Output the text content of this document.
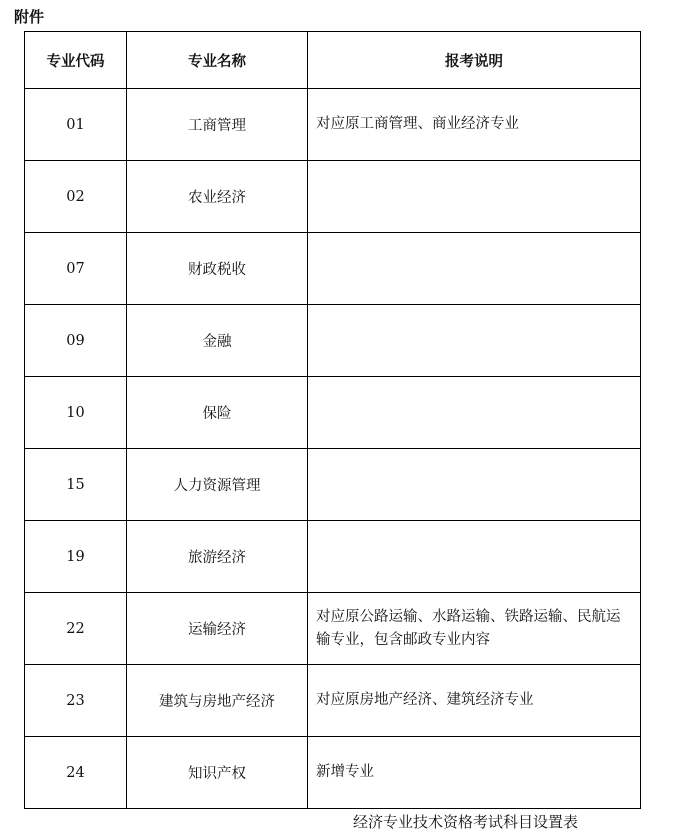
附件
专业代码	专业名称	报考说明
01	工商管理	对应原工商管理、商业经济专业
02	农业经济	
07	财政税收	
09	金融	
10	保险	
15	人力资源管理	
19	旅游经济	
22	运输经济	对应原公路运输、水路运输、铁路运输、民航运输专业，包含邮政专业内容
23	建筑与房地产经济	对应原房地产经济、建筑经济专业
24	知识产权	新增专业
经济专业技术资格考试科目设置表
